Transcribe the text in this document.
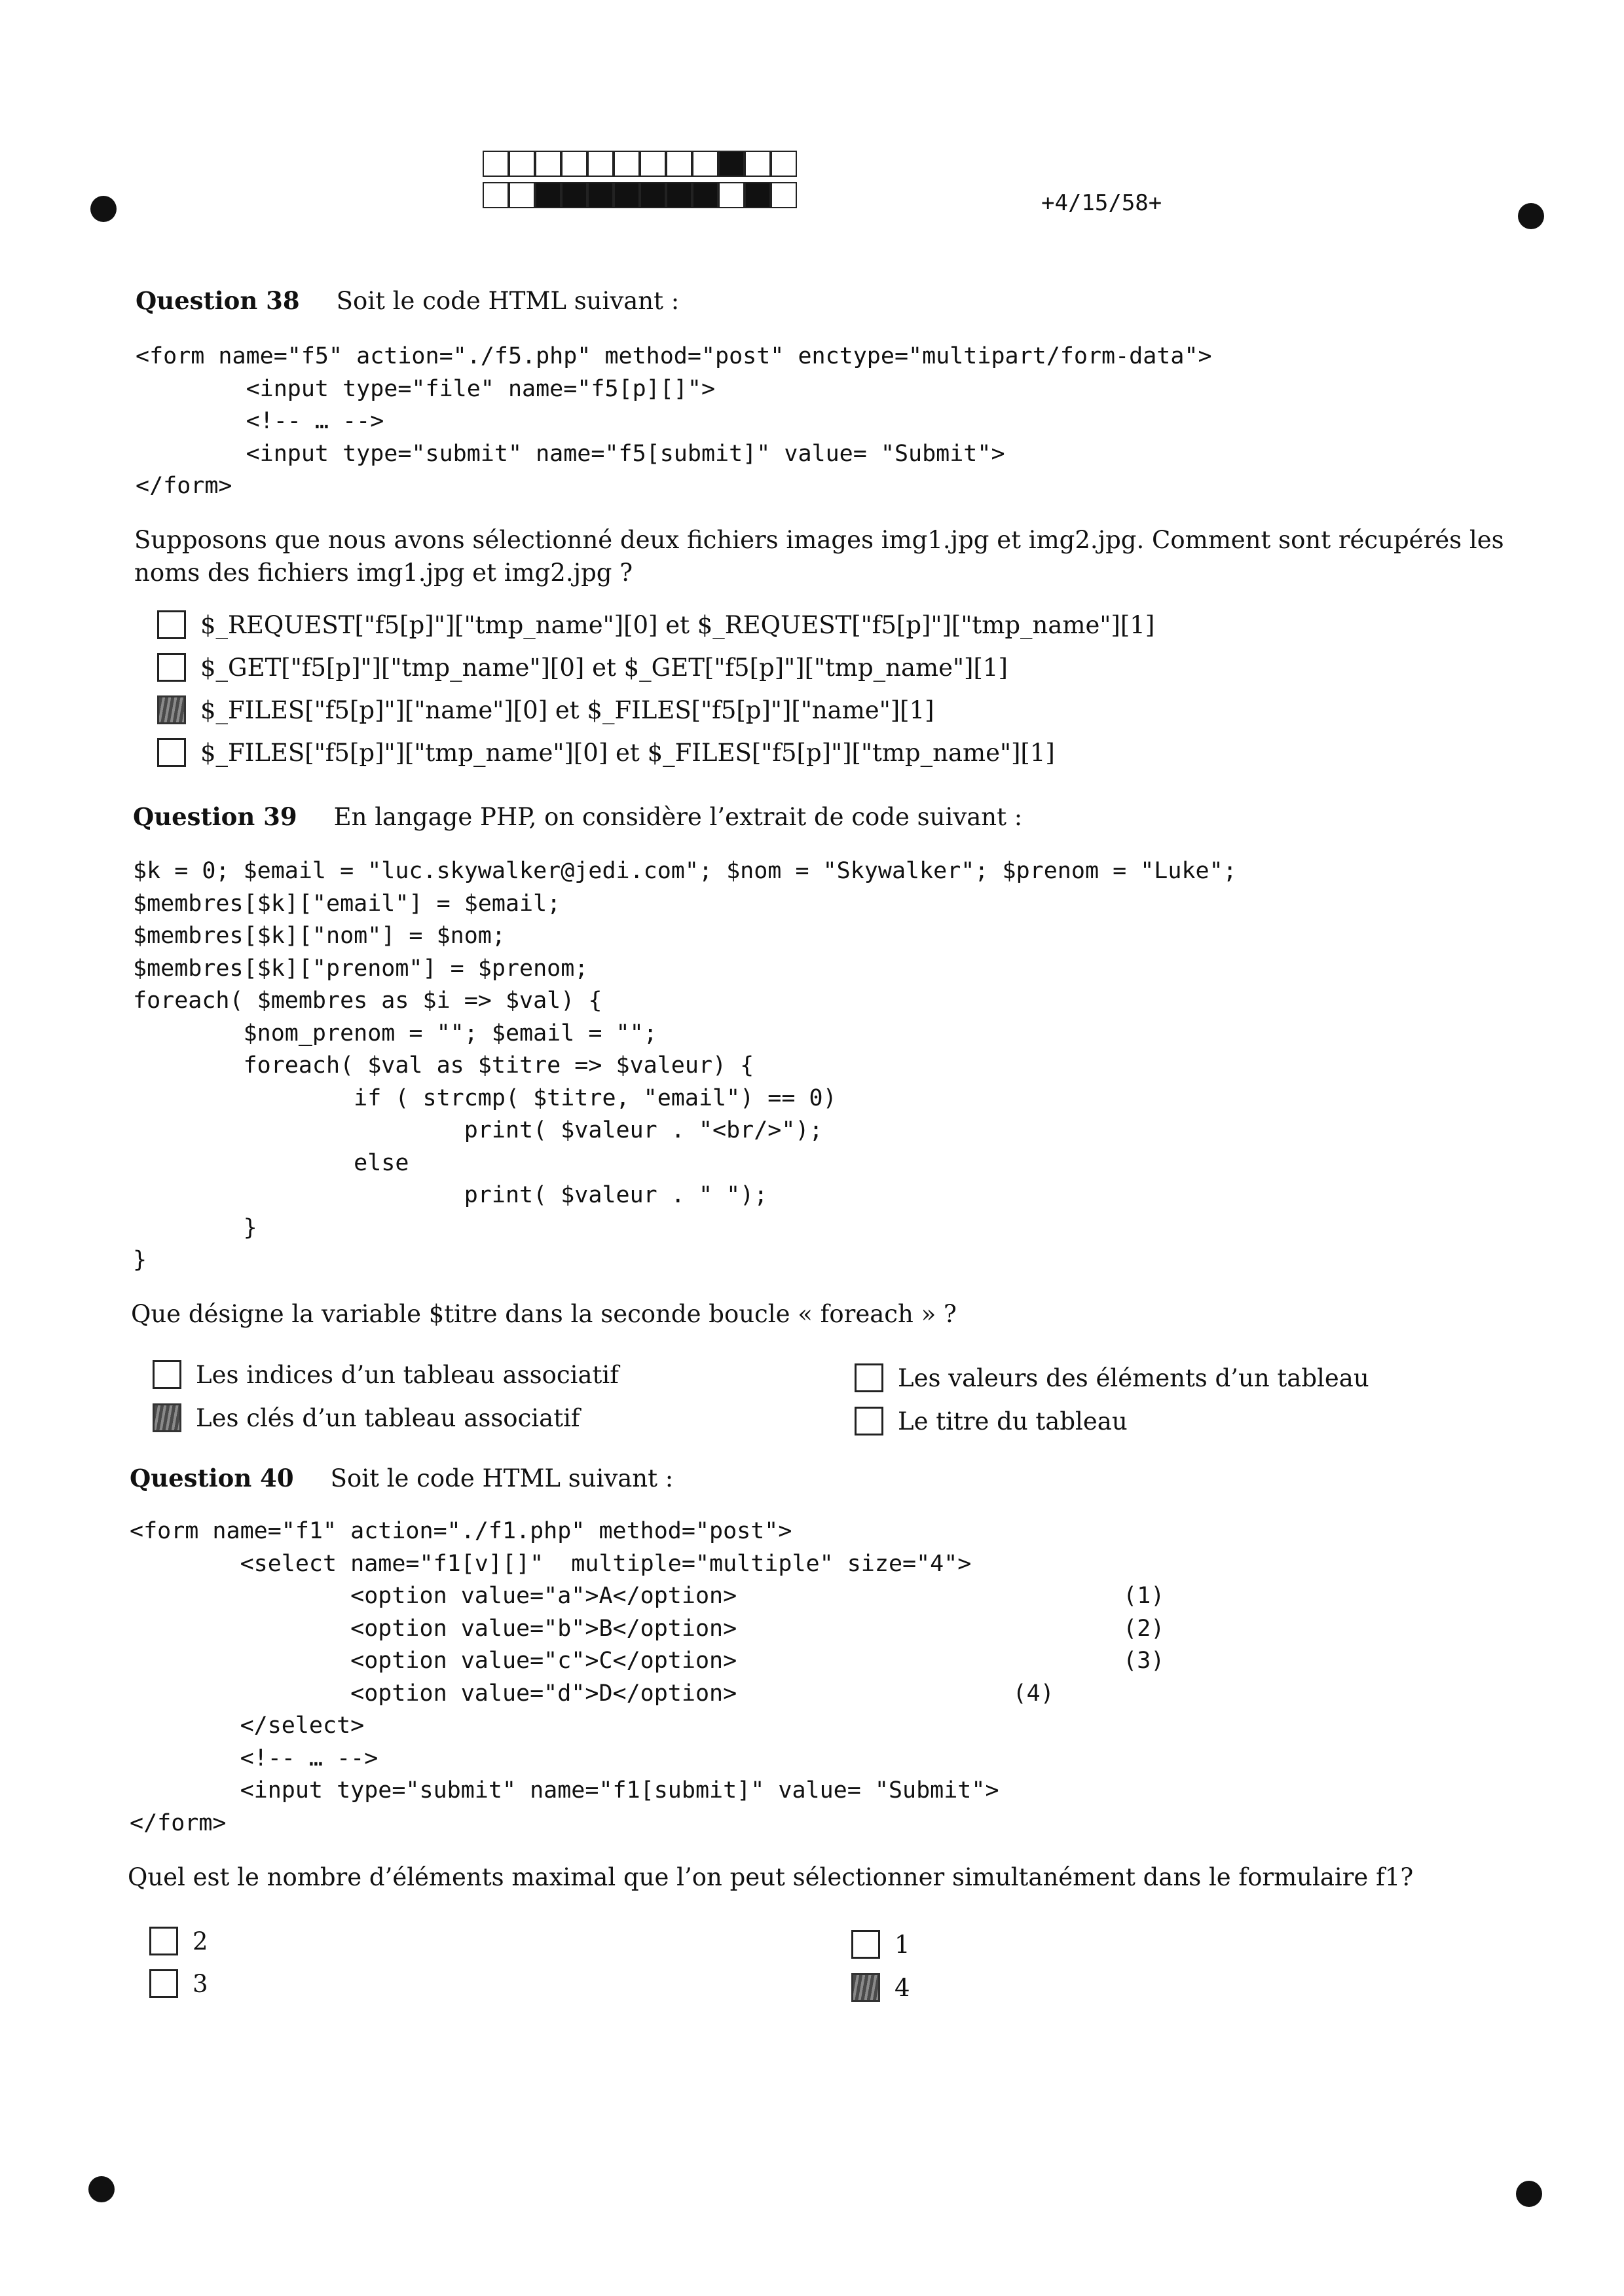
+4/15/58+
Question 38 Soit le code HTML suivant :
<form name="f5" action="./f5.php" method="post" enctype="multipart/form-data">
<input type="file" name="f5[p][]">
<!-- … -->
<input type="submit" name="f5[submit]" value= "Submit">
</form>
Supposons que nous avons sélectionné deux fichiers images img1.jpg et img2.jpg. Comment sont récupérés les noms des fichiers img1.jpg et img2.jpg ?
$_REQUEST["f5[p]"]["tmp_name"][0] et $_REQUEST["f5[p]"]["tmp_name"][1]
$_GET["f5[p]"]["tmp_name"][0] et $_GET["f5[p]"]["tmp_name"][1]
$_FILES["f5[p]"]["name"][0] et $_FILES["f5[p]"]["name"][1]
$_FILES["f5[p]"]["tmp_name"][0] et $_FILES["f5[p]"]["tmp_name"][1]
Question 39 En langage PHP, on considère l’extrait de code suivant :
$k = 0; $email = "luc.skywalker@jedi.com"; $nom = "Skywalker"; $prenom = "Luke";
$membres[$k]["email"] = $email;
$membres[$k]["nom"] = $nom;
$membres[$k]["prenom"] = $prenom;
foreach( $membres as $i => $val) {
$nom_prenom = ""; $email = "";
foreach( $val as $titre => $valeur) {
if ( strcmp( $titre, "email") == 0)
print( $valeur . "<br/>");
else
print( $valeur . " ");
}
}
Que désigne la variable $titre dans la seconde boucle « foreach » ?
Les indices d’un tableau associatif
Les clés d’un tableau associatif
Les valeurs des éléments d’un tableau
Le titre du tableau
Question 40 Soit le code HTML suivant :
<form name="f1" action="./f1.php" method="post">
<select name="f1[v][]"  multiple="multiple" size="4">
<option value="a">A</option>                            (1)
<option value="b">B</option>                            (2)
<option value="c">C</option>                            (3)
<option value="d">D</option>                    (4)
</select>
<!-- … -->
<input type="submit" name="f1[submit]" value= "Submit">
</form>
Quel est le nombre d’éléments maximal que l’on peut sélectionner simultanément dans le formulaire f1?
2
3
1
4
